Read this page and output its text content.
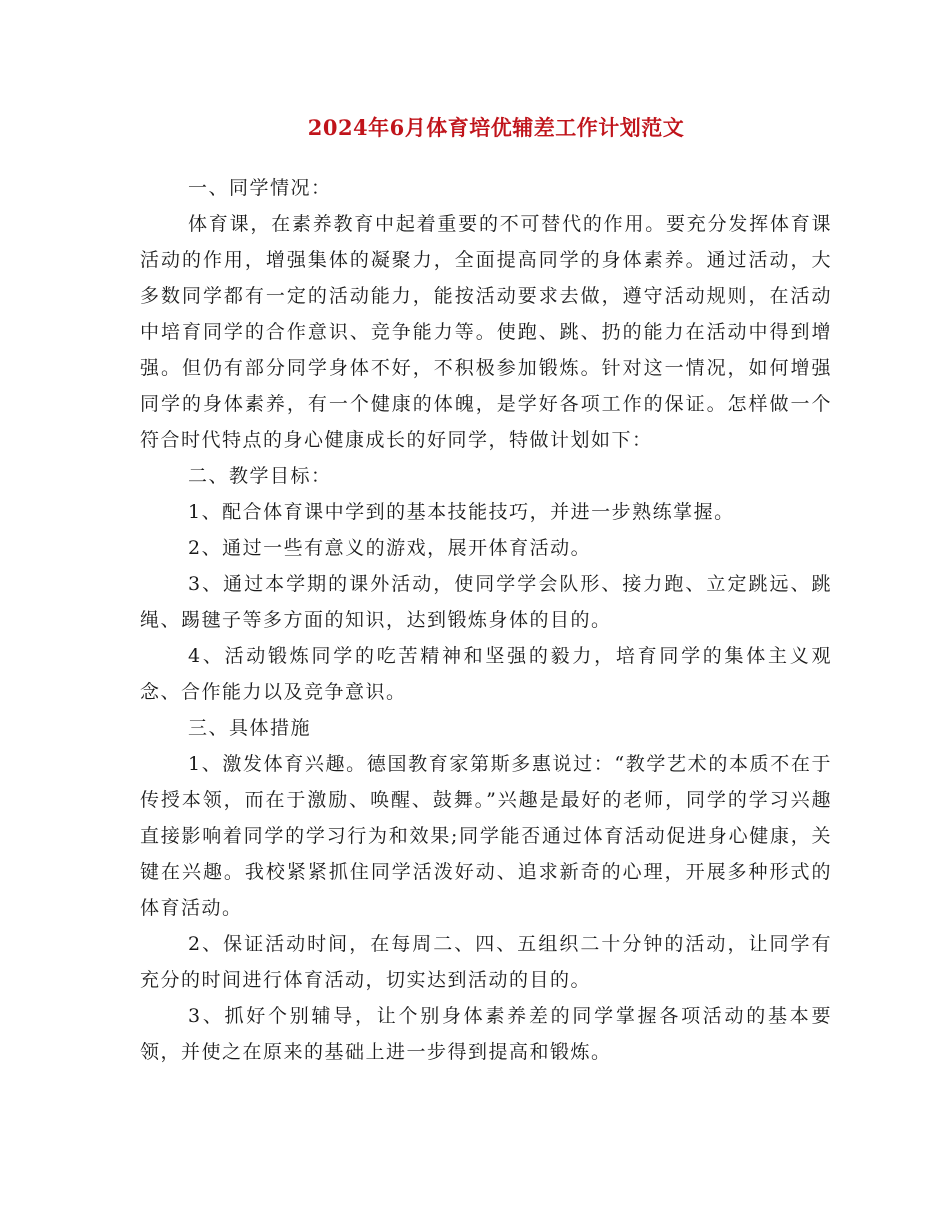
2024年6月体育培优辅差工作计划范文

一、同学情况：

体育课，在素养教育中起着重要的不可替代的作用。要充分发挥体育课活动的作用，增强集体的凝聚力，全面提高同学的身体素养。通过活动，大多数同学都有一定的活动能力，能按活动要求去做，遵守活动规则，在活动中培育同学的合作意识、竞争能力等。使跑、跳、扔的能力在活动中得到增强。但仍有部分同学身体不好，不积极参加锻炼。针对这一情况，如何增强同学的身体素养，有一个健康的体魄，是学好各项工作的保证。怎样做一个符合时代特点的身心健康成长的好同学，特做计划如下：

二、教学目标：

1、配合体育课中学到的基本技能技巧，并进一步熟练掌握。

2、通过一些有意义的游戏，展开体育活动。

3、通过本学期的课外活动，使同学学会队形、接力跑、立定跳远、跳绳、踢毽子等多方面的知识，达到锻炼身体的目的。

4、活动锻炼同学的吃苦精神和坚强的毅力，培育同学的集体主义观念、合作能力以及竞争意识。

三、具体措施

1、激发体育兴趣。德国教育家第斯多惠说过：“教学艺术的本质不在于传授本领，而在于激励、唤醒、鼓舞。”兴趣是最好的老师，同学的学习兴趣直接影响着同学的学习行为和效果;同学能否通过体育活动促进身心健康，关键在兴趣。我校紧紧抓住同学活泼好动、追求新奇的心理，开展多种形式的体育活动。

2、保证活动时间，在每周二、四、五组织二十分钟的活动，让同学有充分的时间进行体育活动，切实达到活动的目的。

3、抓好个别辅导，让个别身体素养差的同学掌握各项活动的基本要领，并使之在原来的基础上进一步得到提高和锻炼。
